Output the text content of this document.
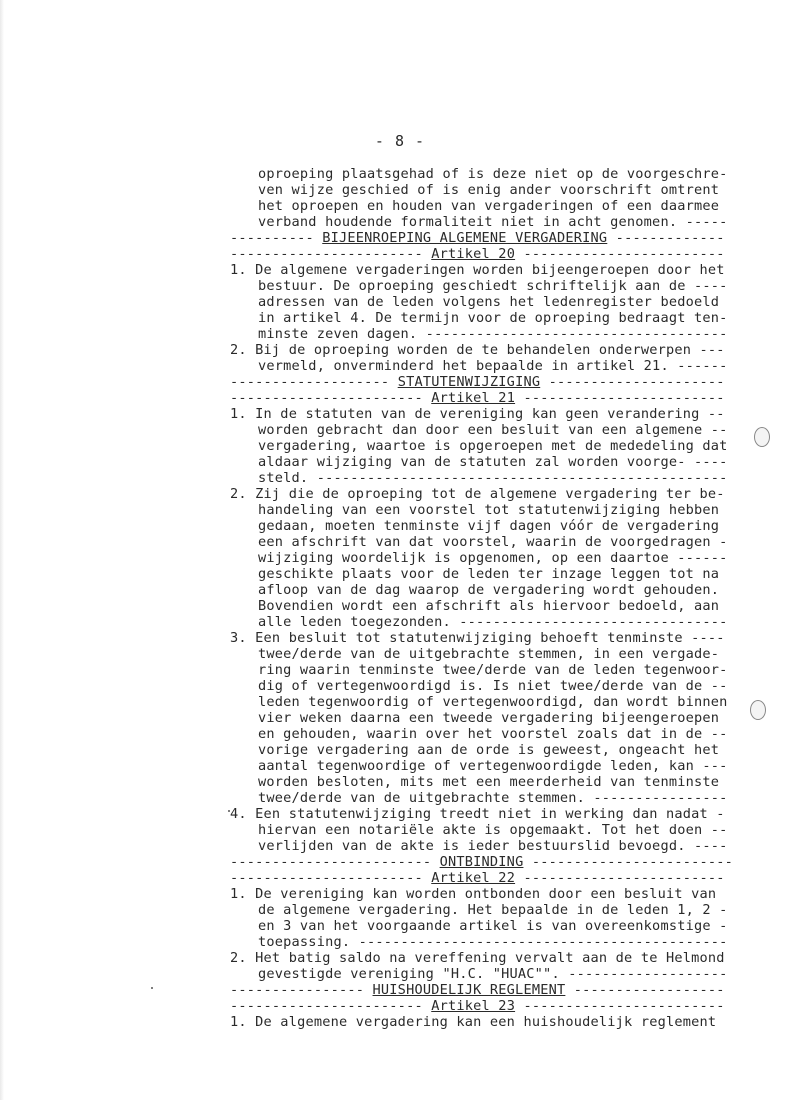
- 8 -
oproeping plaatsgehad of is deze niet op de voorgeschre-
ven wijze geschied of is enig ander voorschrift omtrent
het oproepen en houden van vergaderingen of een daarmee
verband houdende formaliteit niet in acht genomen. -----
---------- BIJEENROEPING ALGEMENE VERGADERING -------------
----------------------- Artikel 20 ------------------------
1. De algemene vergaderingen worden bijeengeroepen door het
bestuur. De oproeping geschiedt schriftelijk aan de ----
adressen van de leden volgens het ledenregister bedoeld
in artikel 4. De termijn voor de oproeping bedraagt ten-
minste zeven dagen. ------------------------------------
2. Bij de oproeping worden de te behandelen onderwerpen ---
vermeld, onverminderd het bepaalde in artikel 21. ------
------------------- STATUTENWIJZIGING ---------------------
----------------------- Artikel 21 ------------------------
1. In de statuten van de vereniging kan geen verandering --
worden gebracht dan door een besluit van een algemene --
vergadering, waartoe is opgeroepen met de mededeling dat
aldaar wijziging van de statuten zal worden voorge- ----
steld. -------------------------------------------------
2. Zij die de oproeping tot de algemene vergadering ter be-
handeling van een voorstel tot statutenwijziging hebben
gedaan, moeten tenminste vijf dagen vóór de vergadering
een afschrift van dat voorstel, waarin de voorgedragen -
wijziging woordelijk is opgenomen, op een daartoe ------
geschikte plaats voor de leden ter inzage leggen tot na
afloop van de dag waarop de vergadering wordt gehouden.
Bovendien wordt een afschrift als hiervoor bedoeld, aan
alle leden toegezonden. --------------------------------
3. Een besluit tot statutenwijziging behoeft tenminste ----
twee/derde van de uitgebrachte stemmen, in een vergade-
ring waarin tenminste twee/derde van de leden tegenwoor-
dig of vertegenwoordigd is. Is niet twee/derde van de --
leden tegenwoordig of vertegenwoordigd, dan wordt binnen
vier weken daarna een tweede vergadering bijeengeroepen
en gehouden, waarin over het voorstel zoals dat in de --
vorige vergadering aan de orde is geweest, ongeacht het
aantal tegenwoordige of vertegenwoordigde leden, kan ---
worden besloten, mits met een meerderheid van tenminste
twee/derde van de uitgebrachte stemmen. ----------------
4. Een statutenwijziging treedt niet in werking dan nadat -
hiervan een notariële akte is opgemaakt. Tot het doen --
verlijden van de akte is ieder bestuurslid bevoegd. ----
------------------------ ONTBINDING ------------------------
----------------------- Artikel 22 ------------------------
1. De vereniging kan worden ontbonden door een besluit van
de algemene vergadering. Het bepaalde in de leden 1, 2 -
en 3 van het voorgaande artikel is van overeenkomstige -
toepassing. --------------------------------------------
2. Het batig saldo na vereffening vervalt aan de te Helmond
gevestigde vereniging "H.C. "HUAC"". -------------------
---------------- HUISHOUDELIJK REGLEMENT ------------------
----------------------- Artikel 23 ------------------------
1. De algemene vergadering kan een huishoudelijk reglement
